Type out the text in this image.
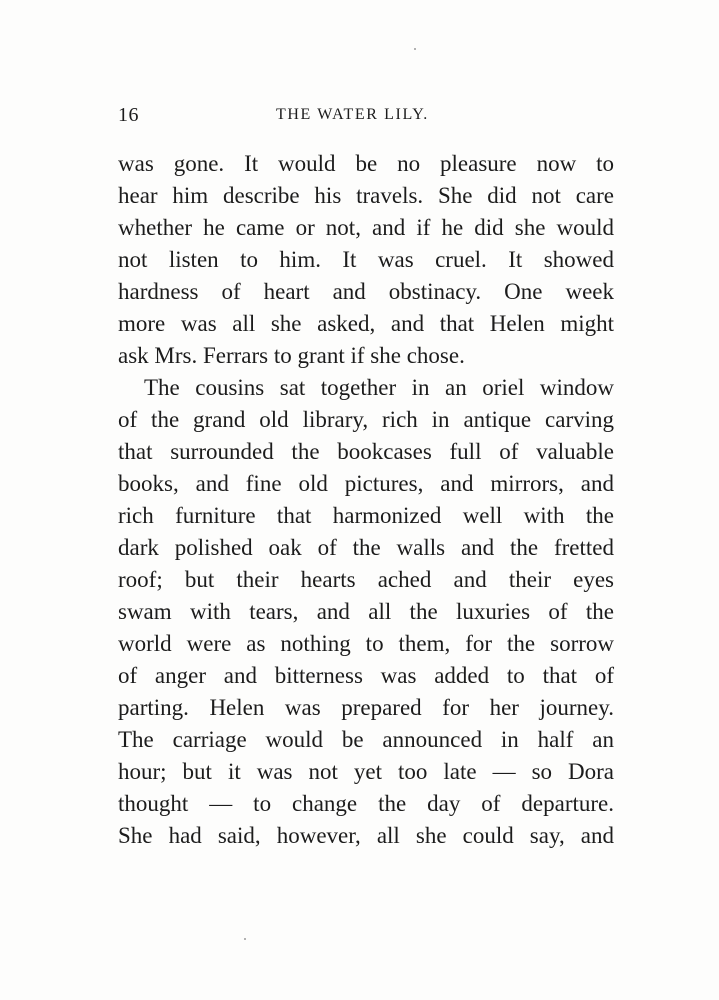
16	THE WATER LILY.
was gone. It would be no pleasure now to
hear him describe his travels. She did not care
whether he came or not, and if he did she would
not listen to him. It was cruel. It showed
hardness of heart and obstinacy. One week
more was all she asked, and that Helen might
ask Mrs. Ferrars to grant if she chose.
The cousins sat together in an oriel window
of the grand old library, rich in antique carving
that surrounded the bookcases full of valuable
books, and fine old pictures, and mirrors, and
rich furniture that harmonized well with the
dark polished oak of the walls and the fretted
roof; but their hearts ached and their eyes
swam with tears, and all the luxuries of the
world were as nothing to them, for the sorrow
of anger and bitterness was added to that of
parting. Helen was prepared for her journey.
The carriage would be announced in half an
hour; but it was not yet too late — so Dora
thought — to change the day of departure.
She had said, however, all she could say, and
